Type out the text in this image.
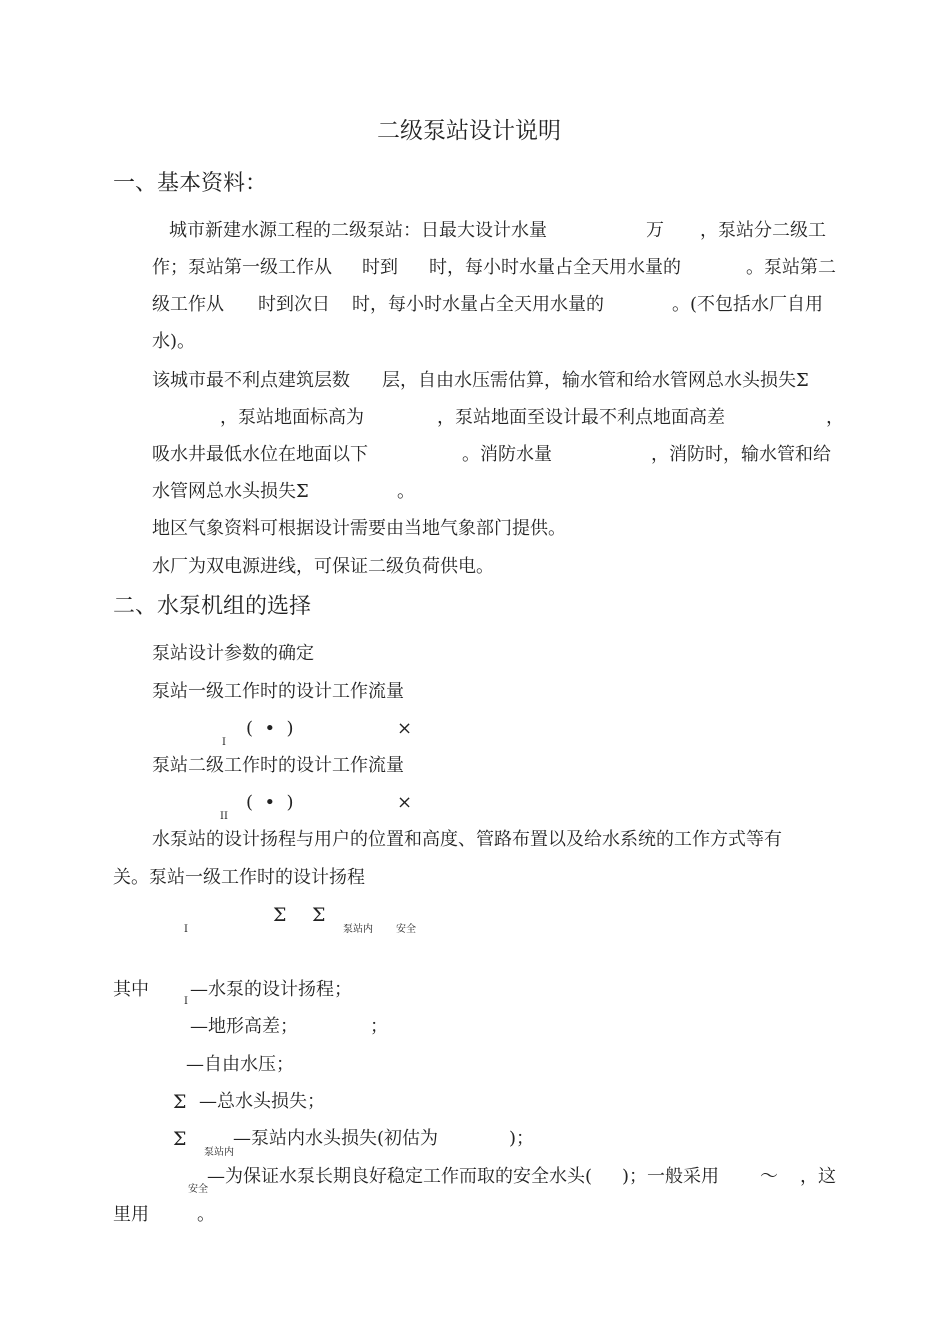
二级泵站设计说明
一、基本资料：
城市新建水源工程的二级泵站：日最大设计水量	万 ，泵站分二级工
作；泵站第一级工作从 时到 时，每小时水量占全天用水量的	。泵站第二
级工作从 时到次日 时，每小时水量占全天用水量的	。(不包括水厂自用
水)。
该城市最不利点建筑层数 层，自由水压需估算，输水管和给水管网总水头损失Σ
，泵站地面标高为	，泵站地面至设计最不利点地面高差	，
吸水井最低水位在地面以下	。消防水量	，消防时，输水管和给
水管网总水头损失Σ	。
地区气象资料可根据设计需要由当地气象部门提供。
水厂为双电源进线，可保证二级负荷供电。
二、水泵机组的选择
泵站设计参数的确定
泵站一级工作时的设计工作流量
I
(  •  )	×
泵站二级工作时的设计工作流量
II
(  •  )	×
水泵站的设计扬程与用户的位置和高度、管路布置以及给水系统的工作方式等有
关。泵站一级工作时的设计扬程
I
Σ Σ
泵站内 安全
其中
I
—水泵的设计扬程；
—地形高差；	；
—自由水压；
Σ —总水头损失；
Σ
泵站内
—泵站内水头损失(初估为	)；
安全
—为保证水泵长期良好稳定工作而取的安全水头( )；一般采用 ～ ，这
里用	。
